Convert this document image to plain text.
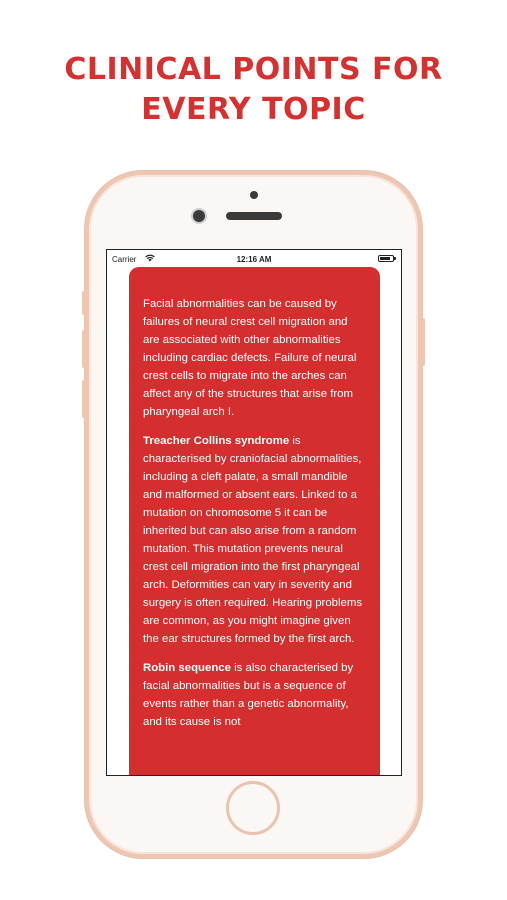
CLINICAL POINTS FOR
EVERY TOPIC
Carrier	12:16 AM

Facial abnormalities can be caused by failures of neural crest cell migration and are associated with other abnormalities including cardiac defects. Failure of neural crest cells to migrate into the arches can affect any of the structures that arise from pharyngeal arch I.

Treacher Collins syndrome is characterised by craniofacial abnormalities, including a cleft palate, a small mandible and malformed or absent ears. Linked to a mutation on chromosome 5 it can be inherited but can also arise from a random mutation. This mutation prevents neural crest cell migration into the first pharyngeal arch. Deformities can vary in severity and surgery is often required. Hearing problems are common, as you might imagine given the ear structures formed by the first arch.

Robin sequence is also characterised by facial abnormalities but is a sequence of events rather than a genetic abnormality, and its cause is not
